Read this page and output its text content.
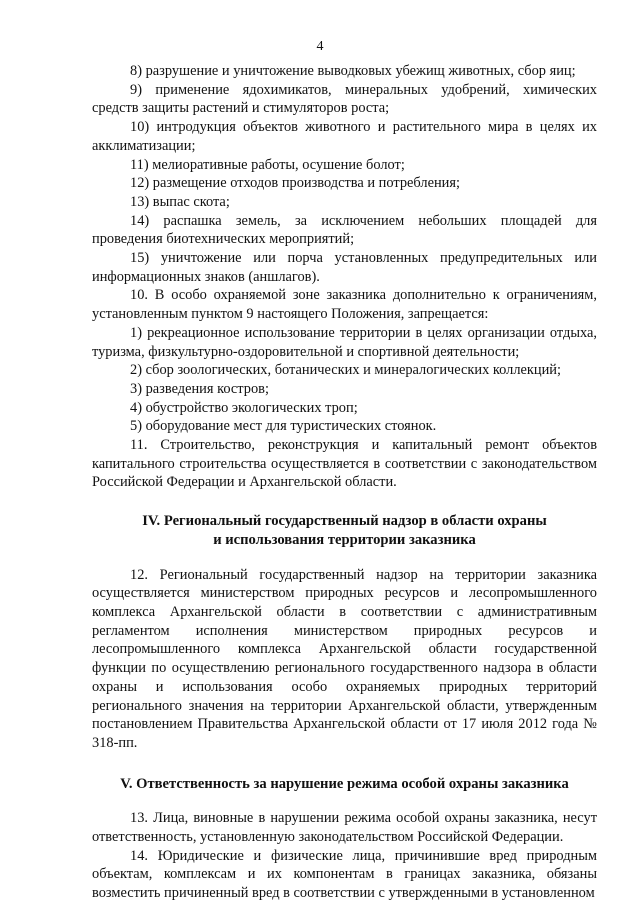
4

8) разрушение и уничтожение выводковых убежищ животных, сбор яиц;

9) применение ядохимикатов, минеральных удобрений, химических средств защиты растений и стимуляторов роста;

10) интродукция объектов животного и растительного мира в целях их акклиматизации;

11) мелиоративные работы, осушение болот;

12) размещение отходов производства и потребления;

13) выпас скота;

14) распашка земель, за исключением небольших площадей для проведения биотехнических мероприятий;

15) уничтожение или порча установленных предупредительных или информационных знаков (аншлагов).

10. В особо охраняемой зоне заказника дополнительно к ограничениям, установленным пунктом 9 настоящего Положения, запрещается:

1) рекреационное использование территории в целях организации отдыха, туризма, физкультурно-оздоровительной и спортивной деятельности;

2) сбор зоологических, ботанических и минералогических коллекций;

3) разведения костров;

4) обустройство экологических троп;

5) оборудование мест для туристических стоянок.

11. Строительство, реконструкция и капитальный ремонт объектов капитального строительства осуществляется в соответствии с законодательством Российской Федерации и Архангельской области.

IV. Региональный государственный надзор в области охраны

и использования территории заказника

12. Региональный государственный надзор на территории заказника осуществляется министерством природных ресурсов и лесопромышленного комплекса Архангельской области в соответствии с административным регламентом исполнения министерством природных ресурсов и лесопромышленного комплекса Архангельской области государственной функции по осуществлению регионального государственного надзора в области охраны и использования особо охраняемых природных территорий регионального значения на территории Архангельской области, утвержденным постановлением Правительства Архангельской области от 17 июля 2012 года № 318-пп.

V. Ответственность за нарушение режима особой охраны заказника

13. Лица, виновные в нарушении режима особой охраны заказника, несут ответственность, установленную законодательством Российской Федерации.

14. Юридические и физические лица, причинившие вред природным объектам, комплексам и их компонентам в границах заказника, обязаны возместить причиненный вред в соответствии с утвержденными в установленном
